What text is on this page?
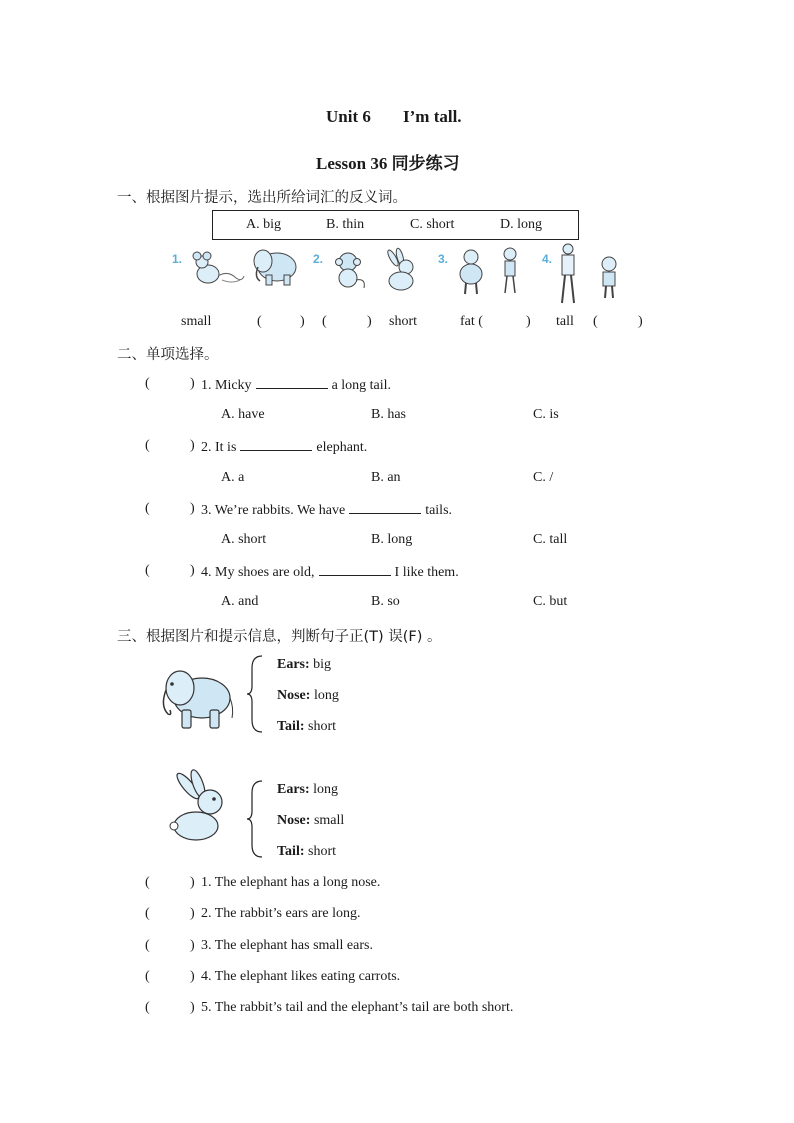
Unit 6 I’m tall.
Lesson 36 同步练习
一、根据图片提示，选出所给词汇的反义词。
A. big	B. thin	C. short	D. long
1.	2.	3.	4.
small	(	) (	) short	fat (	) tall (	)
二、单项选择。
(	) 1. Micky	a long tail.
A. have	B. has	C. is
(	) 2. It is	elephant.
A. a	B. an	C. /
(	) 3. We’re rabbits. We have	tails.
A. short	B. long	C. tall
(	) 4. My shoes are old,	I like them.
A. and	B. so	C. but
三、根据图片和提示信息，判断句子正(T) 误(F) 。
Ears: big
Nose: long
Tail: short
Ears: long
Nose: small
Tail: short
(	) 1. The elephant has a long nose.
(	) 2. The rabbit’s ears are long.
(	) 3. The elephant has small ears.
(	) 4. The elephant likes eating carrots.
(	) 5. The rabbit’s tail and the elephant’s tail are both short.
